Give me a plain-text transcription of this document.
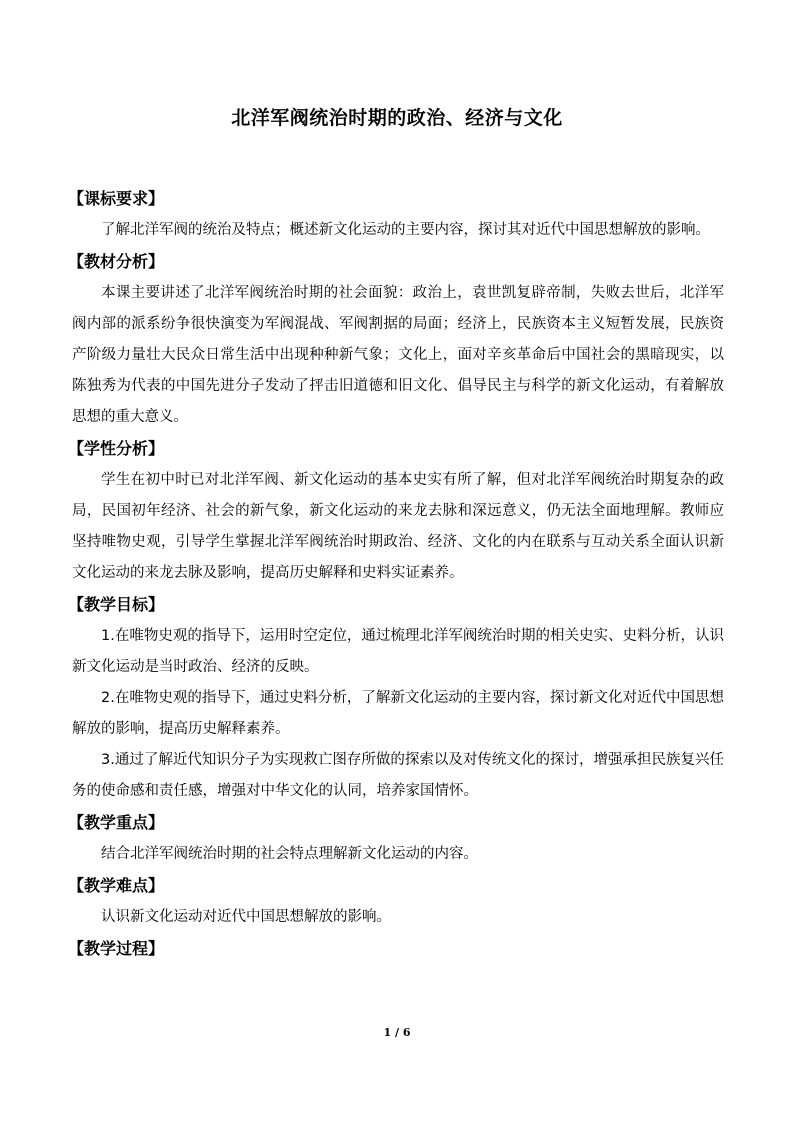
北洋军阀统治时期的政治、经济与文化
【课标要求】
了解北洋军阀的统治及特点；概述新文化运动的主要内容，探讨其对近代中国思想解放的影响。
【教材分析】
本课主要讲述了北洋军阀统治时期的社会面貌：政治上，袁世凯复辟帝制，失败去世后，北洋军阀内部的派系纷争很快演变为军阀混战、军阀割据的局面；经济上，民族资本主义短暂发展，民族资产阶级力量壮大民众日常生活中出现种种新气象；文化上，面对辛亥革命后中国社会的黑暗现实，以陈独秀为代表的中国先进分子发动了抨击旧道德和旧文化、倡导民主与科学的新文化运动，有着解放思想的重大意义。
【学性分析】
学生在初中时已对北洋军阀、新文化运动的基本史实有所了解，但对北洋军阀统治时期复杂的政局，民国初年经济、社会的新气象，新文化运动的来龙去脉和深远意义，仍无法全面地理解。教师应坚持唯物史观，引导学生掌握北洋军阀统治时期政治、经济、文化的内在联系与互动关系全面认识新文化运动的来龙去脉及影响，提高历史解释和史料实证素养。
【教学目标】
1.在唯物史观的指导下，运用时空定位，通过梳理北洋军阀统治时期的相关史实、史料分析，认识新文化运动是当时政治、经济的反映。
2.在唯物史观的指导下，通过史料分析，了解新文化运动的主要内容，探讨新文化对近代中国思想解放的影响，提高历史解释素养。
3.通过了解近代知识分子为实现救亡图存所做的探索以及对传统文化的探讨，增强承担民族复兴任务的使命感和责任感，增强对中华文化的认同，培养家国情怀。
【教学重点】
结合北洋军阀统治时期的社会特点理解新文化运动的内容。
【教学难点】
认识新文化运动对近代中国思想解放的影响。
【教学过程】
1 / 6
